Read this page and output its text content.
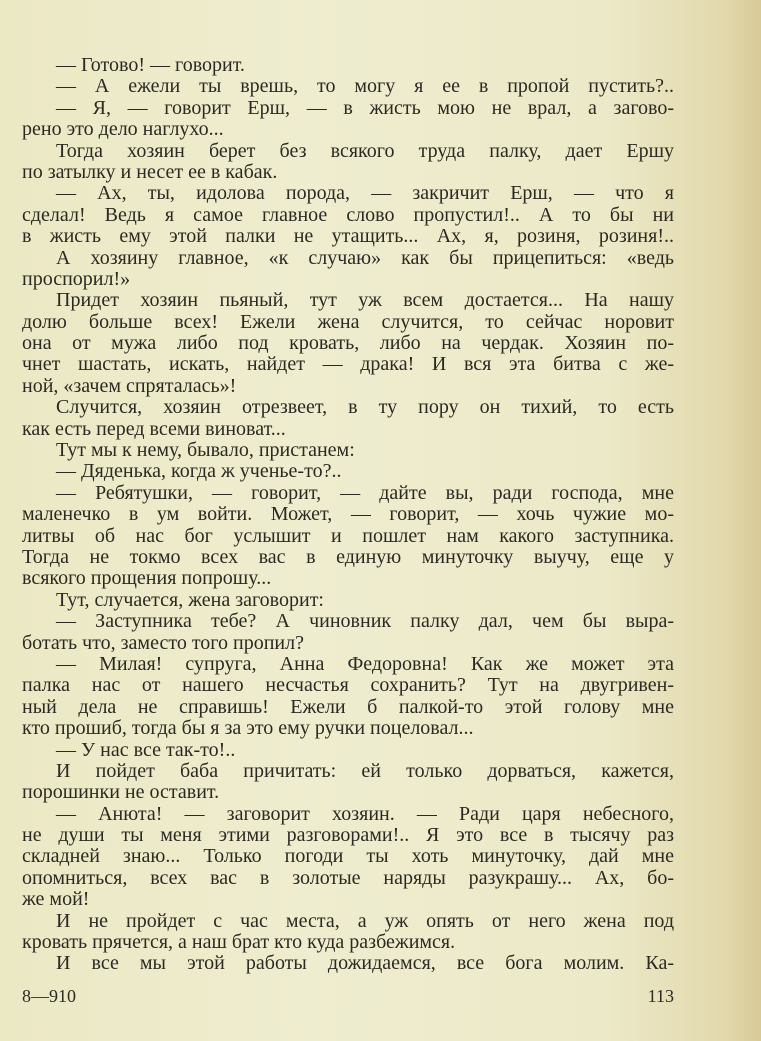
— Готово! — говорит.
— А ежели ты врешь, то могу я ее в пропой пустить?..
— Я, — говорит Ерш, — в жисть мою не врал, а загово-
рено это дело наглухо...
Тогда хозяин берет без всякого труда палку, дает Ершу
по затылку и несет ее в кабак.
— Ах, ты, идолова порода, — закричит Ерш, — что я
сделал! Ведь я самое главное слово пропустил!.. А то бы ни
в жисть ему этой палки не утащить... Ах, я, розиня, розиня!..
А хозяину главное, «к случаю» как бы прицепиться: «ведь
проспорил!»
Придет хозяин пьяный, тут уж всем достается... На нашу
долю больше всех! Ежели жена случится, то сейчас норовит
она от мужа либо под кровать, либо на чердак. Хозяин по-
чнет шастать, искать, найдет — драка! И вся эта битва с же-
ной, «зачем спряталась»!
Случится, хозяин отрезвеет, в ту пору он тихий, то есть
как есть перед всеми виноват...
Тут мы к нему, бывало, пристанем:
— Дяденька, когда ж ученье-то?..
— Ребятушки, — говорит, — дайте вы, ради господа, мне
маленечко в ум войти. Может, — говорит, — хочь чужие мо-
литвы об нас бог услышит и пошлет нам какого заступника.
Тогда не токмо всех вас в единую минуточку выучу, еще у
всякого прощения попрошу...
Тут, случается, жена заговорит:
— Заступника тебе? А чиновник палку дал, чем бы выра-
ботать что, заместо того пропил?
— Милая! супруга, Анна Федоровна! Как же может эта
палка нас от нашего несчастья сохранить? Тут на двугривен-
ный дела не справишь! Ежели б палкой-то этой голову мне
кто прошиб, тогда бы я за это ему ручки поцеловал...
— У нас все так-то!..
И пойдет баба причитать: ей только дорваться, кажется,
порошинки не оставит.
— Анюта! — заговорит хозяин. — Ради царя небесного,
не души ты меня этими разговорами!.. Я это все в тысячу раз
складней знаю... Только погоди ты хоть минуточку, дай мне
опомниться, всех вас в золотые наряды разукрашу... Ах, бо-
же мой!
И не пройдет с час места, а уж опять от него жена под
кровать прячется, а наш брат кто куда разбежимся.
И все мы этой работы дожидаемся, все бога молим. Ка-
8—910	113
